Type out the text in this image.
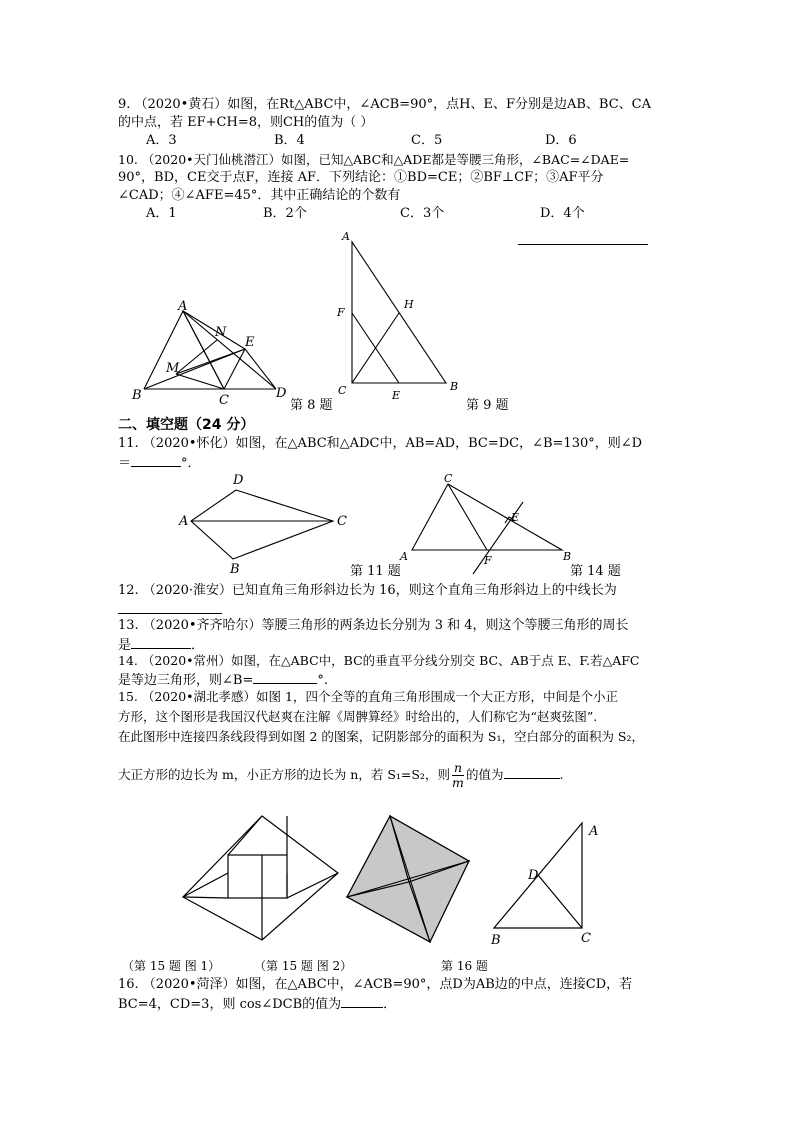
9. （2020•黄石）如图，在Rt△ABC中，∠ACB=90°，点H、E、F分别是边AB、BC、CA
的中点，若 EF+CH=8，则CH的值为（ ）
A．3	B．4	C．5	D．6
10. （2020•天门仙桃潜江）如图，已知△ABC和△ADE都是等腰三角形，∠BAC=∠DAE=
90°，BD，CE交于点F，连接 AF．下列结论：①BD=CE；②BF⊥CF；③AF平分
∠CAD；④∠AFE=45°．其中正确结论的个数有
A．1	B．2个	C．3个	D．4个
A
N
E
M
B	C	D
第 8 题
A
H
F
C	E
B
第 9 题
二、填空题（24 分）
11. （2020•怀化）如图，在△ABC和△ADC中，AB=AD，BC=DC，∠B=130°，则∠D
＝	°．
D
A	C
B	第 11 题
C
E
A	F	B
第 14 题
12. （2020·淮安）已知直角三角形斜边长为 16，则这个直角三角形斜边上的中线长为
13. （2020•齐齐哈尔）等腰三角形的两条边长分别为 3 和 4，则这个等腰三角形的周长
是	．
14. （2020•常州）如图，在△ABC中，BC的垂直平分线分别交 BC、AB于点 E、F.若△AFC
是等边三角形，则∠B=	°.
15. （2020•湖北孝感）如图 1，四个全等的直角三角形围成一个大正方形，中间是个小正
方形，这个图形是我国汉代赵爽在注解《周髀算经》时给出的，人们称它为“赵爽弦图”.
在此图形中连接四条线段得到如图 2 的图案，记阴影部分的面积为 S₁，空白部分的面积为 S₂，
大正方形的边长为 m，小正方形的边长为 n，若 S₁=S₂，则 $\frac{n}{m}$ 的值为	.
（第 15 题 图 1）	（第 15 题 图 2）
A
D
B	C
第 16 题
16. （2020•菏泽）如图，在△ABC中，∠ACB=90°，点D为AB边的中点，连接CD，若
BC=4，CD=3，则 cos∠DCB的值为	．
